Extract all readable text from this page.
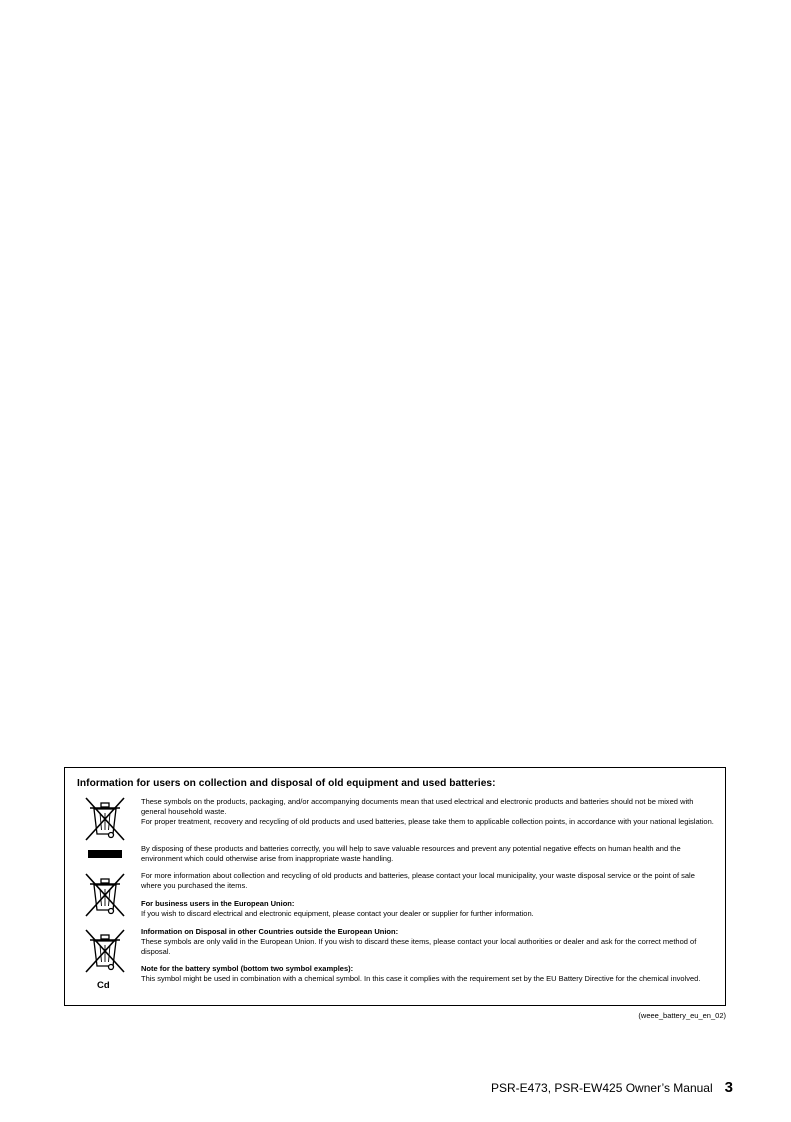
Information for users on collection and disposal of old equipment and used batteries:
Cd
These symbols on the products, packaging, and/or accompanying documents mean that used electrical and electronic products and batteries should not be mixed with general household waste.
For proper treatment, recovery and recycling of old products and used batteries, please take them to applicable collection points, in accordance with your national legislation.
By disposing of these products and batteries correctly, you will help to save valuable resources and prevent any potential negative effects on human health and the environment which could otherwise arise from inappropriate waste handling.
For more information about collection and recycling of old products and batteries, please contact your local municipality, your waste disposal service or the point of sale where you purchased the items.
For business users in the European Union:
If you wish to discard electrical and electronic equipment, please contact your dealer or supplier for further information.
Information on Disposal in other Countries outside the European Union:
These symbols are only valid in the European Union. If you wish to discard these items, please contact your local authorities or dealer and ask for the correct method of disposal.
Note for the battery symbol (bottom two symbol examples):
This symbol might be used in combination with a chemical symbol. In this case it complies with the requirement set by the EU Battery Directive for the chemical involved.
(weee_battery_eu_en_02)
PSR-E473, PSR-EW425 Owner’s Manual 3
